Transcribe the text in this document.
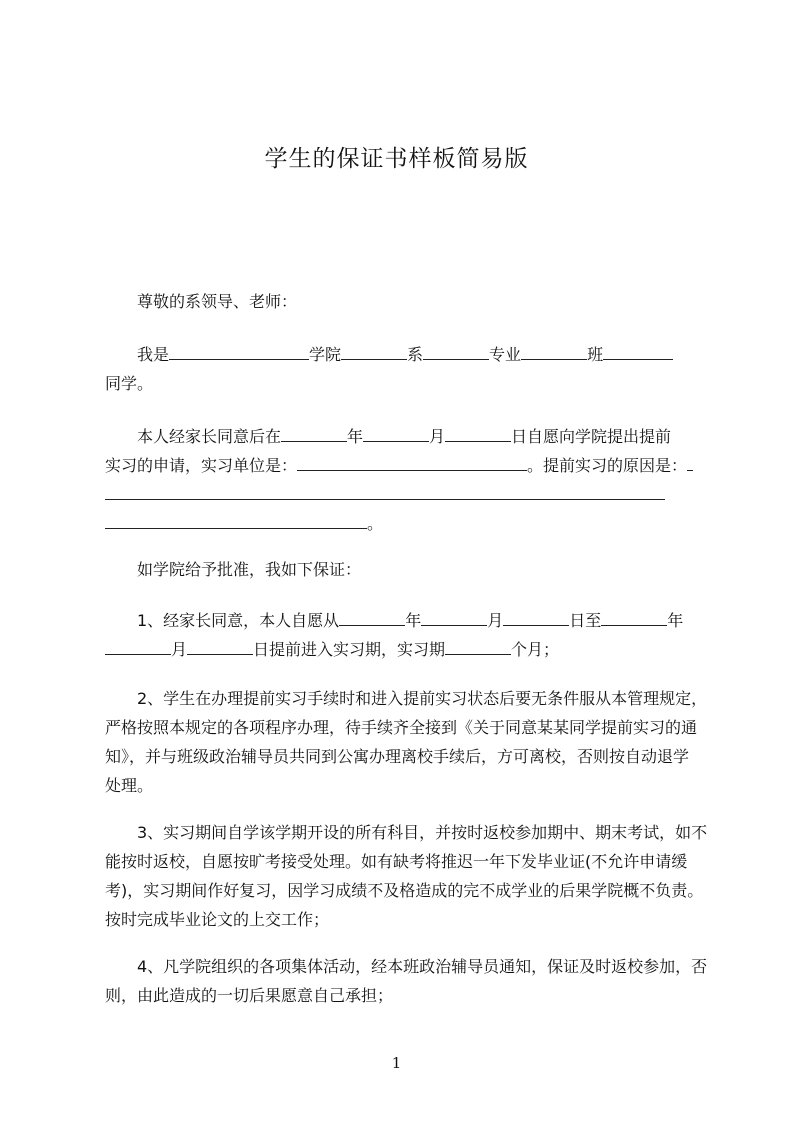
学生的保证书样板简易版
尊敬的系领导、老师：
我是	学院	系	专业	班
同学。
本人经家长同意后在	年	月	日自愿向学院提出提前
实习的申请，实习单位是：	。提前实习的原因是：
。
如学院给予批准，我如下保证：
1、经家长同意，本人自愿从	年	月	日至	年
月	日提前进入实习期，实习期	个月；
2、学生在办理提前实习手续时和进入提前实习状态后要无条件服从本管理规定，
严格按照本规定的各项程序办理，待手续齐全接到《关于同意某某同学提前实习的通
知》，并与班级政治辅导员共同到公寓办理离校手续后，方可离校，否则按自动退学
处理。
3、实习期间自学该学期开设的所有科目，并按时返校参加期中、期末考试，如不
能按时返校，自愿按旷考接受处理。如有缺考将推迟一年下发毕业证(不允许申请缓
考)，实习期间作好复习，因学习成绩不及格造成的完不成学业的后果学院概不负责。
按时完成毕业论文的上交工作；
4、凡学院组织的各项集体活动，经本班政治辅导员通知，保证及时返校参加，否
则，由此造成的一切后果愿意自己承担；
1
